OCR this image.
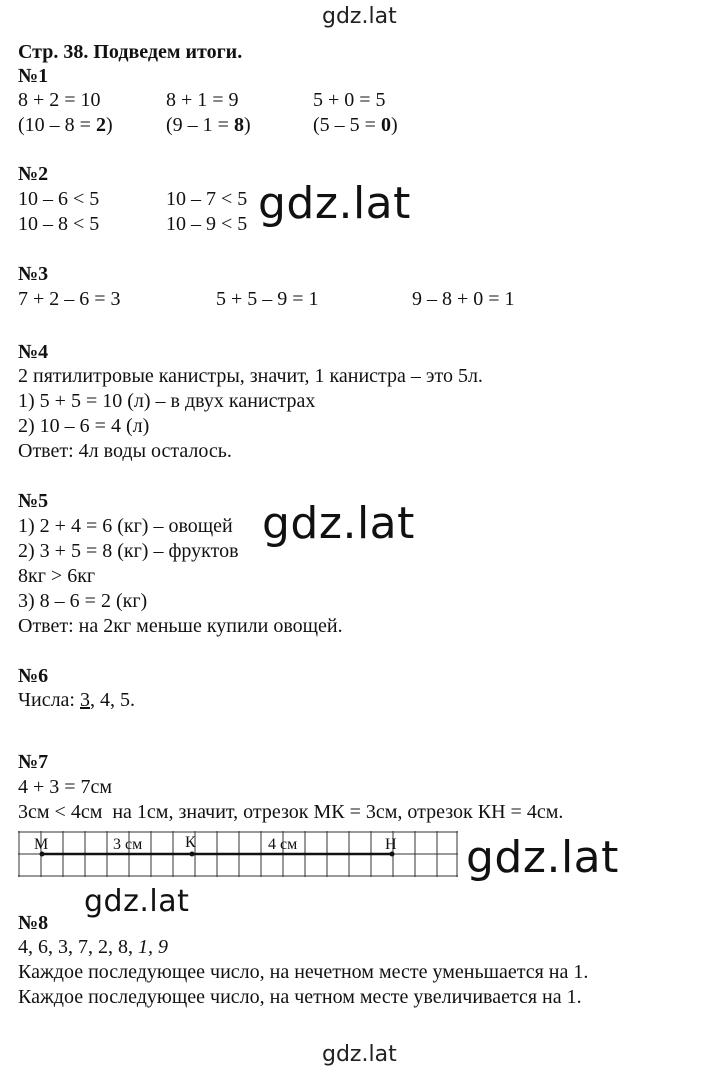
gdz.lat
gdz.lat
gdz.lat
gdz.lat
gdz.lat
gdz.lat
Стр. 38. Подведем итоги.
№1
8 + 2 = 10	8 + 1 = 9	5 + 0 = 5
(10 – 8 = 2)	(9 – 1 = 8)	(5 – 5 = 0)
№2
10 – 6 < 5	10 – 7 < 5
10 – 8 < 5	10 – 9 < 5
№3
7 + 2 – 6 = 3	5 + 5 – 9 = 1	9 – 8 + 0 = 1
№4
2 пятилитровые канистры, значит, 1 канистра – это 5л.
1) 5 + 5 = 10 (л) – в двух канистрах
2) 10 – 6 = 4 (л)
Ответ: 4л воды осталось.
№5
1) 2 + 4 = 6 (кг) – овощей
2) 3 + 5 = 8 (кг) – фруктов
8кг > 6кг
3) 8 – 6 = 2 (кг)
Ответ: на 2кг меньше купили овощей.
№6
Числа: 3, 4, 5.
№7
4 + 3 = 7см
3см < 4см  на 1см, значит, отрезок МК = 3см, отрезок КН = 4см.
М	К	Н
3 см	4 см
№8
4, 6, 3, 7, 2, 8, 1, 9
Каждое последующее число, на нечетном месте уменьшается на 1.
Каждое последующее число, на четном месте увеличивается на 1.
